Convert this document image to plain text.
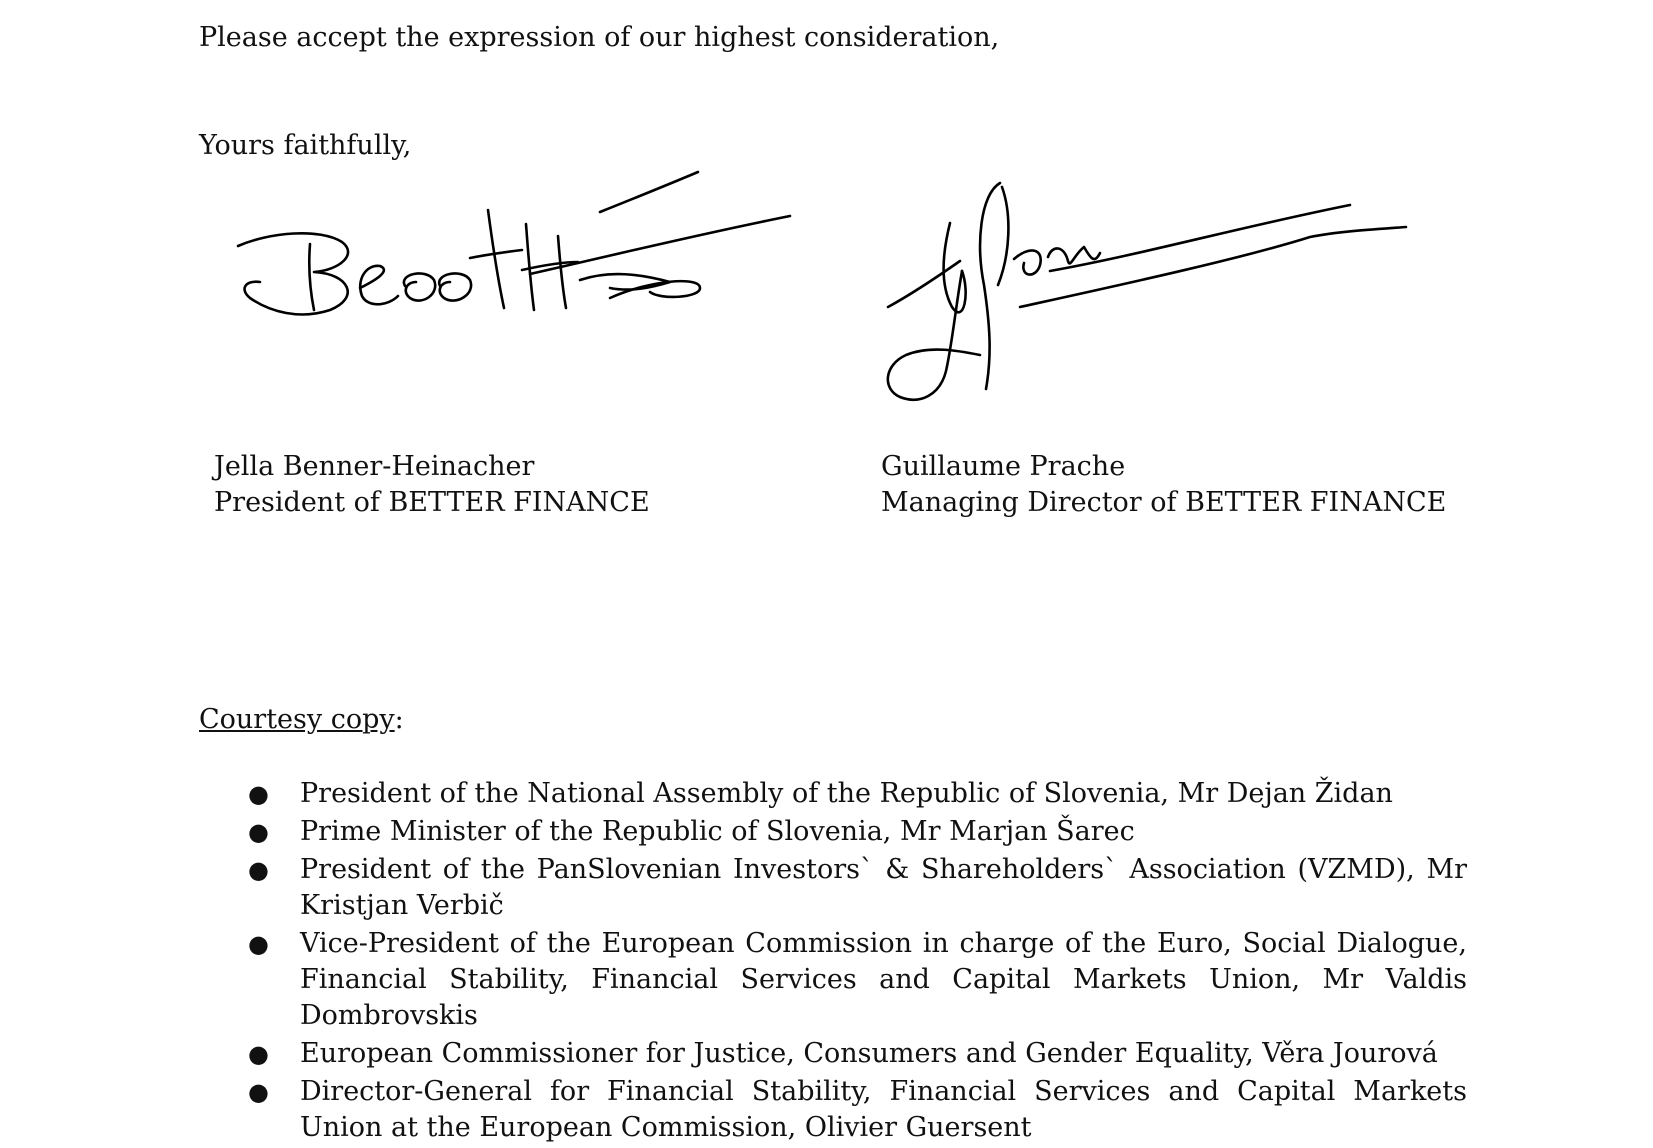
Please accept the expression of our highest consideration,

Yours faithfully,

Jella Benner-Heinacher
President of BETTER FINANCE
Guillaume Prache
Managing Director of BETTER FINANCE
Courtesy copy:
● President of the National Assembly of the Republic of Slovenia, Mr Dejan Židan
● Prime Minister of the Republic of Slovenia, Mr Marjan Šarec
● President of the PanSlovenian Investors` & Shareholders` Association (VZMD), Mr Kristjan Verbič
● Vice-President of the European Commission in charge of the Euro, Social Dialogue, Financial Stability, Financial Services and Capital Markets Union, Mr Valdis Dombrovskis
● European Commissioner for Justice, Consumers and Gender Equality, Věra Jourová
● Director-General for Financial Stability, Financial Services and Capital Markets Union at the European Commission, Olivier Guersent
